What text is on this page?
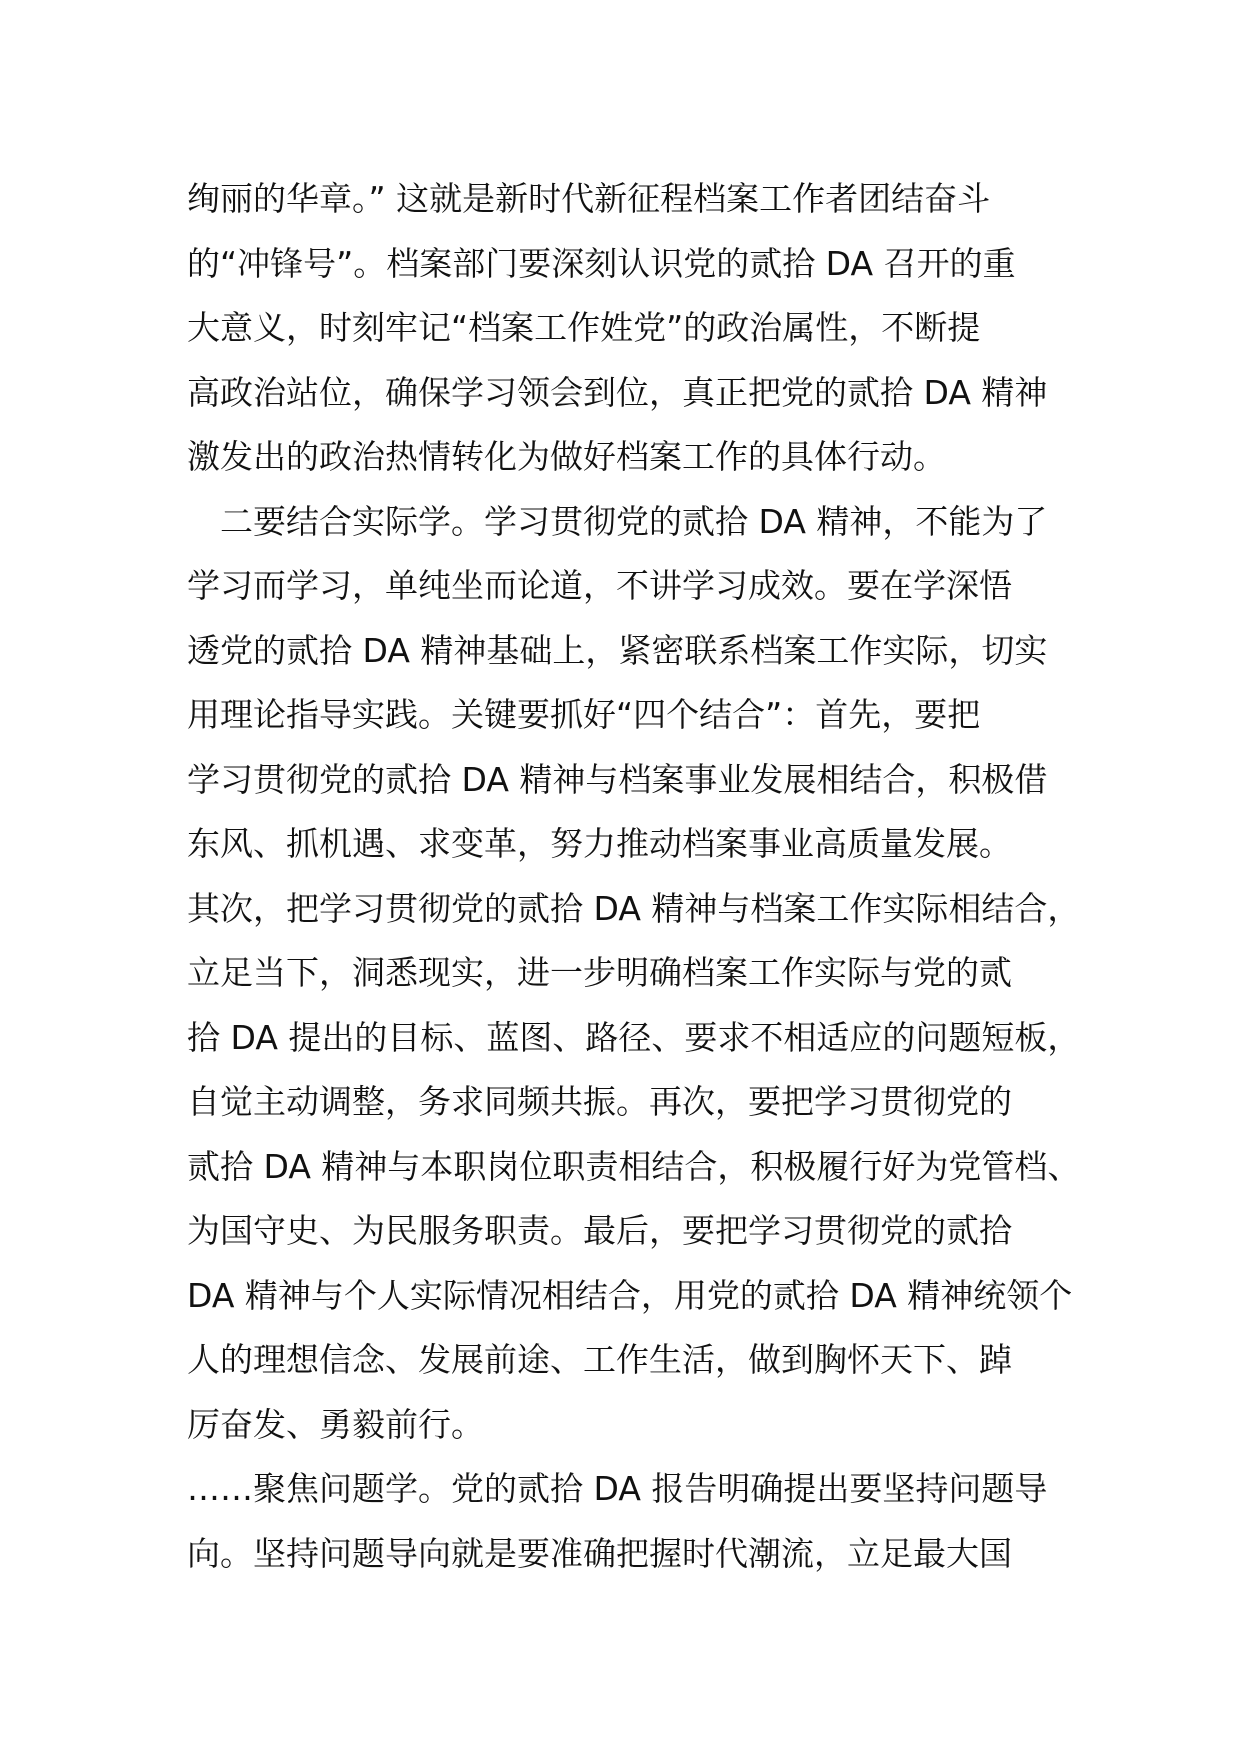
绚丽的华章。” 这就是新时代新征程档案工作者团结奋斗
的“冲锋号”。档案部门要深刻认识党的贰拾 DA 召开的重
大意义，时刻牢记“档案工作姓党”的政治属性，不断提
高政治站位，确保学习领会到位，真正把党的贰拾 DA 精神
激发出的政治热情转化为做好档案工作的具体行动。
　二要结合实际学。学习贯彻党的贰拾 DA 精神，不能为了
学习而学习，单纯坐而论道，不讲学习成效。要在学深悟
透党的贰拾 DA 精神基础上，紧密联系档案工作实际，切实
用理论指导实践。关键要抓好“四个结合”：首先，要把
学习贯彻党的贰拾 DA 精神与档案事业发展相结合，积极借
东风、抓机遇、求变革，努力推动档案事业高质量发展。
其次，把学习贯彻党的贰拾 DA 精神与档案工作实际相结合，
立足当下，洞悉现实，进一步明确档案工作实际与党的贰
拾 DA 提出的目标、蓝图、路径、要求不相适应的问题短板，
自觉主动调整，务求同频共振。再次，要把学习贯彻党的
贰拾 DA 精神与本职岗位职责相结合，积极履行好为党管档、
为国守史、为民服务职责。最后，要把学习贯彻党的贰拾
DA 精神与个人实际情况相结合，用党的贰拾 DA 精神统领个
人的理想信念、发展前途、工作生活，做到胸怀天下、踔
厉奋发、勇毅前行。
……聚焦问题学。党的贰拾 DA 报告明确提出要坚持问题导
向。坚持问题导向就是要准确把握时代潮流，立足最大国
